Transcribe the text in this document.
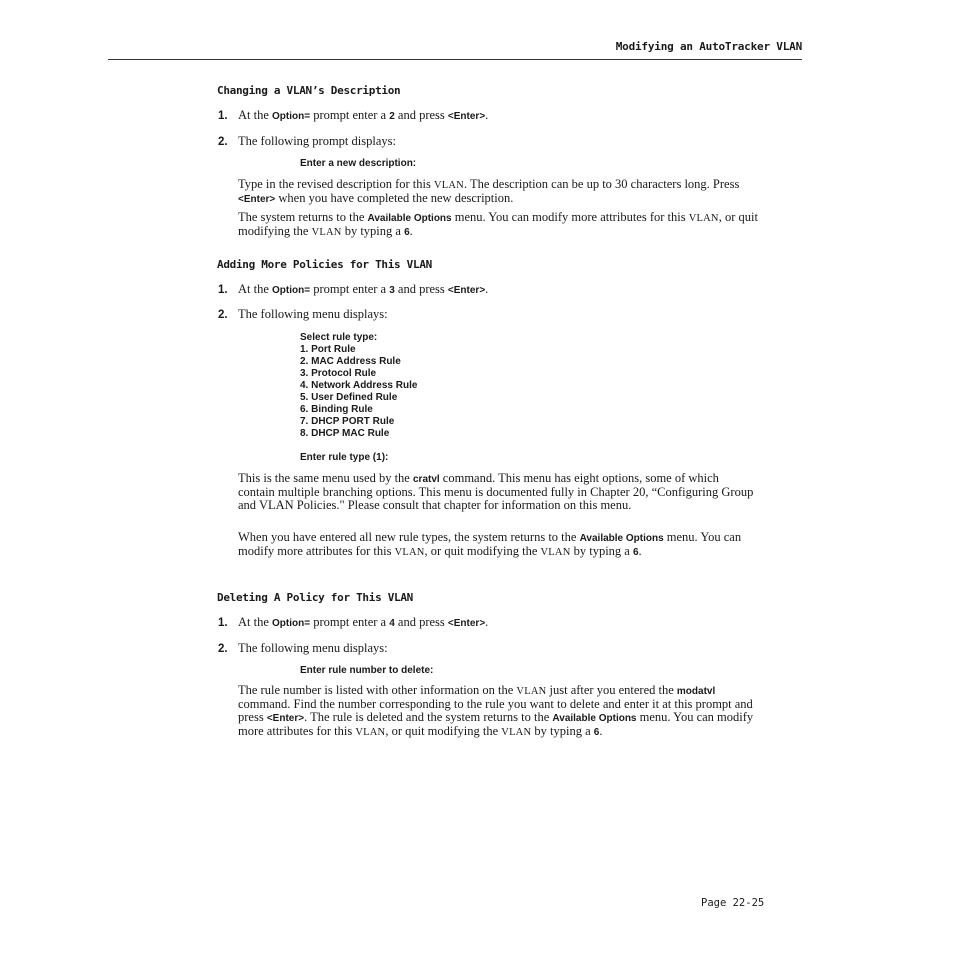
Modifying an AutoTracker VLAN
Changing a VLAN’s Description
1. At the Option= prompt enter a 2 and press <Enter>.
2. The following prompt displays:
Enter a new description:
Type in the revised description for this VLAN. The description can be up to 30 characters long. Press <Enter> when you have completed the new description.
The system returns to the Available Options menu. You can modify more attributes for this VLAN, or quit modifying the VLAN by typing a 6.
Adding More Policies for This VLAN
1. At the Option= prompt enter a 3 and press <Enter>.
2. The following menu displays:
Select rule type:
1. Port Rule
2. MAC Address Rule
3. Protocol Rule
4. Network Address Rule
5. User Defined Rule
6. Binding Rule
7. DHCP PORT Rule
8. DHCP MAC Rule
Enter rule type (1):
This is the same menu used by the cratvl command. This menu has eight options, some of which contain multiple branching options. This menu is documented fully in Chapter 20, “Configuring Group and VLAN Policies." Please consult that chapter for information on this menu.
When you have entered all new rule types, the system returns to the Available Options menu. You can modify more attributes for this VLAN, or quit modifying the VLAN by typing a 6.
Deleting A Policy for This VLAN
1. At the Option= prompt enter a 4 and press <Enter>.
2. The following menu displays:
Enter rule number to delete:
The rule number is listed with other information on the VLAN just after you entered the modatvl command. Find the number corresponding to the rule you want to delete and enter it at this prompt and press <Enter>. The rule is deleted and the system returns to the Available Options menu. You can modify more attributes for this VLAN, or quit modifying the VLAN by typing a 6.
Page 22-25
